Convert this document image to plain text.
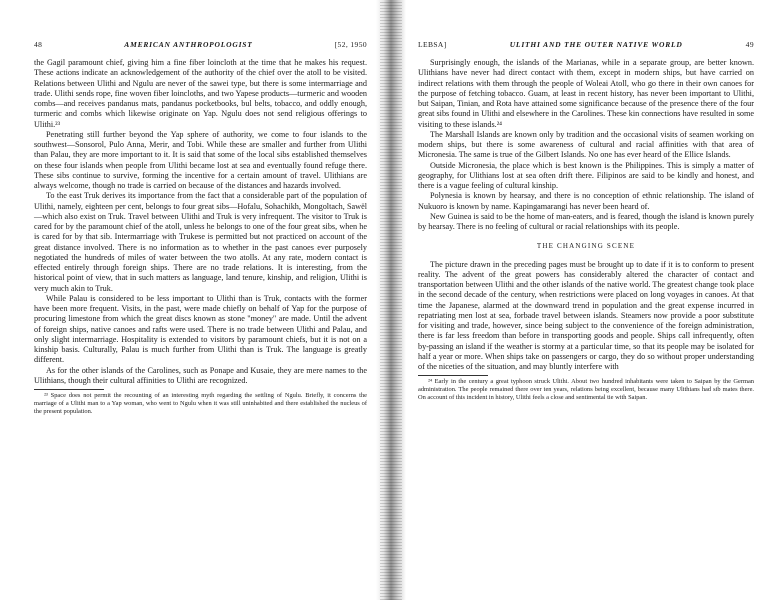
48	AMERICAN ANTHROPOLOGIST	[52, 1950

the Gagil paramount chief, giving him a fine fiber loincloth at the time that he makes his request. These actions indicate an acknowledgement of the authority of the chief over the atoll to be visited. Relations between Ulithi and Ngulu are never of the sawei type, but there is some intermarriage and trade. Ulithi sends rope, fine woven fiber loincloths, and two Yapese products—turmeric and wooden combs—and receives pandanus mats, pandanus pocketbooks, bul belts, tobacco, and oddly enough, turmeric and combs which likewise originate on Yap. Ngulu does not send religious offerings to Ulithi.²³

Penetrating still further beyond the Yap sphere of authority, we come to four islands to the southwest—Sonsorol, Pulo Anna, Merir, and Tobi. While these are smaller and further from Ulithi than Palau, they are more important to it. It is said that some of the local sibs established themselves on these four islands when people from Ulithi became lost at sea and eventually found refuge there. These sibs continue to survive, forming the incentive for a certain amount of travel. Ulithians are always welcome, though no trade is carried on because of the distances and hazards involved.

To the east Truk derives its importance from the fact that a considerable part of the population of Ulithi, namely, eighteen per cent, belongs to four great sibs—Hofalu, Sohachikh, Mongoltach, Sawël—which also exist on Truk. Travel between Ulithi and Truk is very infrequent. The visitor to Truk is cared for by the paramount chief of the atoll, unless he belongs to one of the four great sibs, when he is cared for by that sib. Intermarriage with Trukese is permitted but not practiced on account of the great distance involved. There is no information as to whether in the past canoes ever purposely negotiated the hundreds of miles of water between the two atolls. At any rate, modern contact is effected entirely through foreign ships. There are no trade relations. It is interesting, from the historical point of view, that in such matters as language, land tenure, kinship, and religion, Ulithi is very much akin to Truk.

While Palau is considered to be less important to Ulithi than is Truk, contacts with the former have been more frequent. Visits, in the past, were made chiefly on behalf of Yap for the purpose of procuring limestone from which the great discs known as stone "money" are made. Until the advent of foreign ships, native canoes and rafts were used. There is no trade between Ulithi and Palau, and only slight intermarriage. Hospitality is extended to visitors by paramount chiefs, but it is not on a kinship basis. Culturally, Palau is much further from Ulithi than is Truk. The language is greatly different.

As for the other islands of the Carolines, such as Ponape and Kusaie, they are mere names to the Ulithians, though their cultural affinities to Ulithi are recognized.

²³ Space does not permit the recounting of an interesting myth regarding the settling of Ngulu. Briefly, it concerns the marriage of a Ulithi man to a Yap woman, who went to Ngulu when it was still uninhabited and there established the nucleus of the present population.

LEBSA]	ULITHI AND THE OUTER NATIVE WORLD	49

Surprisingly enough, the islands of the Marianas, while in a separate group, are better known. Ulithians have never had direct contact with them, except in modern ships, but have carried on indirect relations with them through the people of Woleai Atoll, who go there in their own canoes for the purpose of fetching tobacco. Guam, at least in recent history, has never been important to Ulithi, but Saipan, Tinian, and Rota have attained some significance because of the presence there of the four great sibs found in Ulithi and elsewhere in the Carolines. These kin connections have resulted in some visiting to these islands.²⁴

The Marshall Islands are known only by tradition and the occasional visits of seamen working on modern ships, but there is some awareness of cultural and racial affinities with that area of Micronesia. The same is true of the Gilbert Islands. No one has ever heard of the Ellice Islands.

Outside Micronesia, the place which is best known is the Philippines. This is simply a matter of geography, for Ulithians lost at sea often drift there. Filipinos are said to be kindly and honest, and there is a vague feeling of cultural kinship.

Polynesia is known by hearsay, and there is no conception of ethnic relationship. The island of Nukuoro is known by name. Kapingamarangi has never been heard of.

New Guinea is said to be the home of man-eaters, and is feared, though the island is known purely by hearsay. There is no feeling of cultural or racial relationships with its people.

THE CHANGING SCENE

The picture drawn in the preceding pages must be brought up to date if it is to conform to present reality. The advent of the great powers has considerably altered the character of contact and transportation between Ulithi and the other islands of the native world. The greatest change took place in the second decade of the century, when restrictions were placed on long voyages in canoes. At that time the Japanese, alarmed at the downward trend in population and the great expense incurred in repatriating men lost at sea, forbade travel between islands. Steamers now provide a poor substitute for visiting and trade, however, since being subject to the convenience of the foreign administration, there is far less freedom than before in transporting goods and people. Ships call infrequently, often by-passing an island if the weather is stormy at a particular time, so that its people may be isolated for half a year or more. When ships take on passengers or cargo, they do so without proper understanding of the niceties of the situation, and may bluntly interfere with

²⁴ Early in the century a great typhoon struck Ulithi. About two hundred inhabitants were taken to Saipan by the German administration. The people remained there over ten years, relations being excellent, because many Ulithians had sib mates there. On account of this incident in history, Ulithi feels a close and sentimental tie with Saipan.
